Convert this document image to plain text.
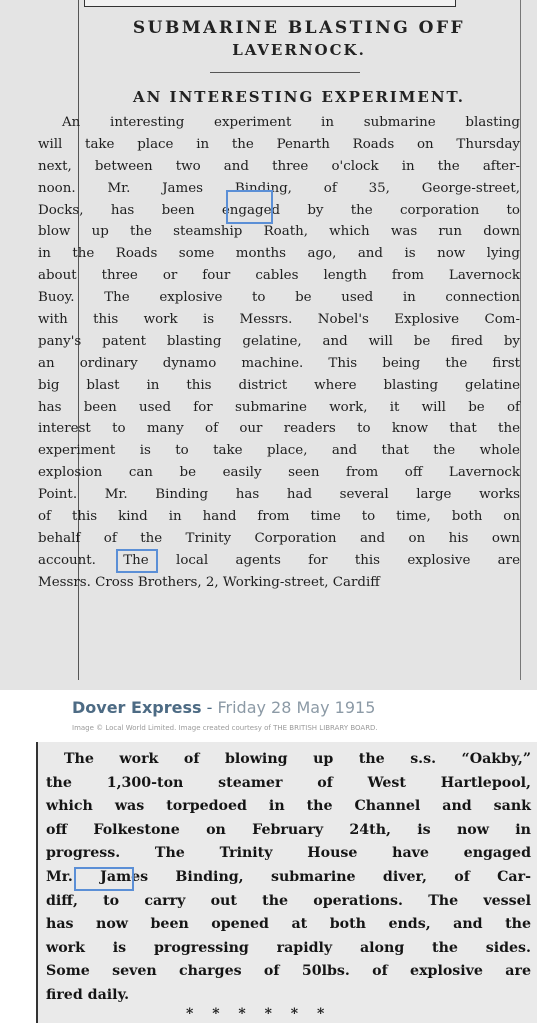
SUBMARINE BLASTING OFF
LAVERNOCK.
AN INTERESTING EXPERIMENT.
An interesting experiment in submarine blasting
will take place in the Penarth Roads on Thursday
next, between two and three o'clock in the after-
noon. Mr. James Binding, of 35, George-street,
Docks, has been engaged by the corporation to
blow up the steamship Roath, which was run down
in the Roads some months ago, and is now lying
about three or four cables length from Lavernock
Buoy. The explosive to be used in connection
with this work is Messrs. Nobel's Explosive Com-
pany's patent blasting gelatine, and will be fired by
an ordinary dynamo machine. This being the first
big blast in this district where blasting gelatine
has been used for submarine work, it will be of
interest to many of our readers to know that the
experiment is to take place, and that the whole
explosion can be easily seen from off Lavernock
Point. Mr. Binding has had several large works
of this kind in hand from time to time, both on
behalf of the Trinity Corporation and on his own
account. The local agents for this explosive are
Messrs. Cross Brothers, 2, Working-street, Cardiff
Dover Express - Friday 28 May 1915
Image © Local World Limited. Image created courtesy of THE BRITISH LIBRARY BOARD.
The work of blowing up the s.s. “Oakby,”
the 1,300-ton steamer of West Hartlepool,
which was torpedoed in the Channel and sank
off Folkestone on February 24th, is now in
progress. The Trinity House have engaged
Mr. James Binding, submarine diver, of Car-
diff, to carry out the operations. The vessel
has now been opened at both ends, and the
work is progressing rapidly along the sides.
Some seven charges of 50lbs. of explosive are
fired daily.
* * * * * *
